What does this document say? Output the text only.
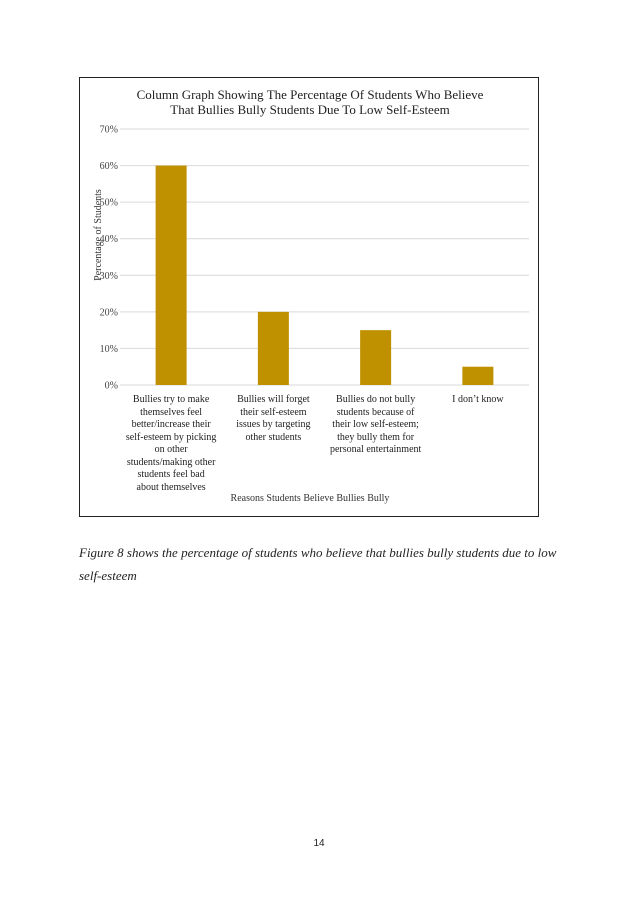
Column Graph Showing The Percentage Of Students Who Believe
That Bullies Bully Students Due To Low Self-Esteem
0%
10%
20%
30%
40%
50%
60%
70%
Percentage of Students
Bullies try to make
themselves feel
better/increase their
self-esteem by picking
on other
students/making other
students feel bad
about themselves
Bullies will forget
their self-esteem
issues by targeting
other students
Bullies do not bully
students because of
their low self-esteem;
they bully them for
personal entertainment
I don’t know
Reasons Students Believe Bullies Bully
Figure 8 shows the percentage of students who believe that bullies bully students due to low self-esteem
14
